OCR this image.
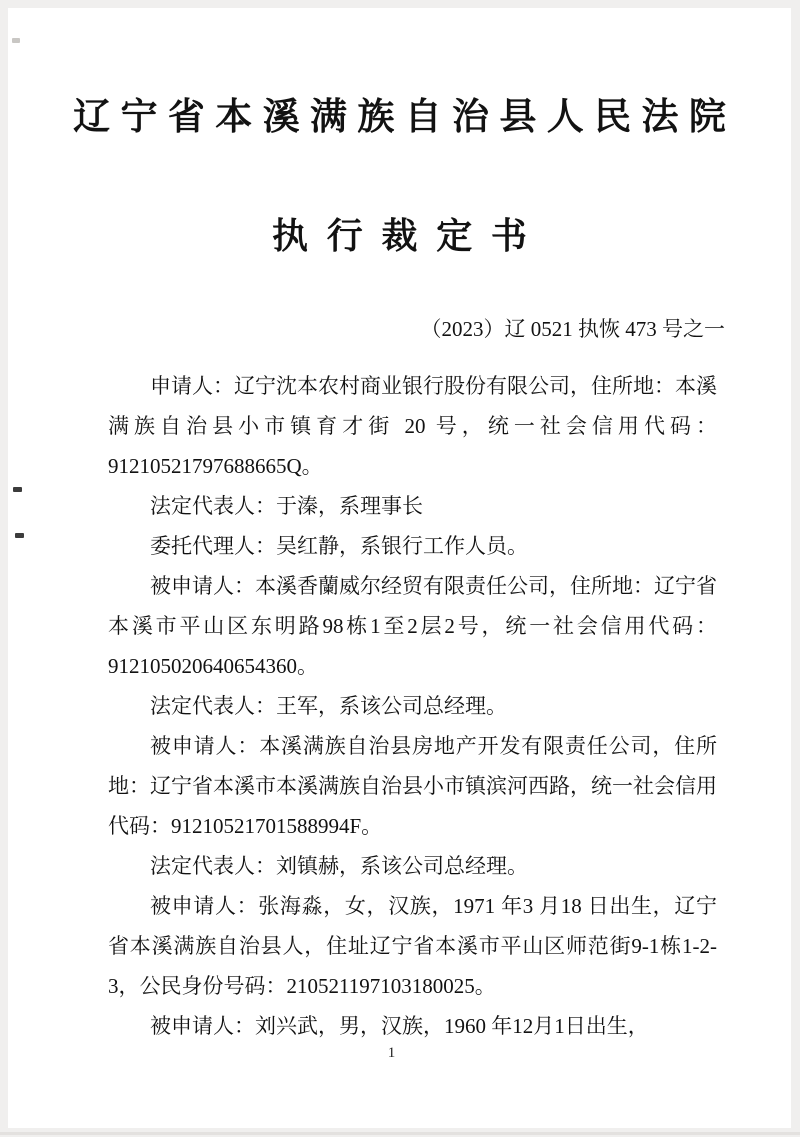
辽宁省本溪满族自治县人民法院
执行裁定书
（2023）辽 0521 执恢 473 号之一

申请人：辽宁沈本农村商业银行股份有限公司，住所地：本溪满族自治县小市镇育才街 20 号，统一社会信用代码：91210521797688665Q。

法定代表人：于溱，系理事长

委托代理人：吴红静，系银行工作人员。

被申请人：本溪香蘭威尔经贸有限责任公司，住所地：辽宁省本溪市平山区东明路98栋1至2层2号，统一社会信用代码：912105020640654360。

法定代表人：王军，系该公司总经理。

被申请人：本溪满族自治县房地产开发有限责任公司，住所地：辽宁省本溪市本溪满族自治县小市镇滨河西路，统一社会信用代码：91210521701588994F。

法定代表人：刘镇赫，系该公司总经理。

被申请人：张海淼，女，汉族，1971 年3 月18 日出生，辽宁省本溪满族自治县人，住址辽宁省本溪市平山区师范街9-1栋1-2-3，公民身份号码：210521197103180025。

被申请人：刘兴武，男，汉族，1960 年12月1日出生，

1
